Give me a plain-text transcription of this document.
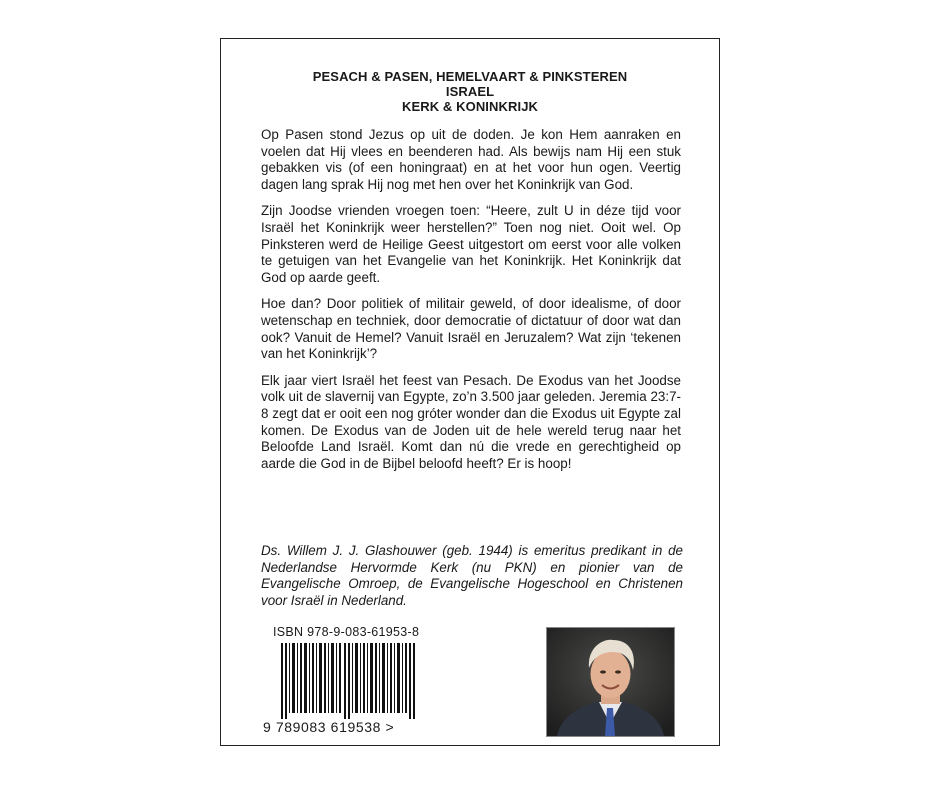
PESACH & PASEN, HEMELVAART & PINKSTEREN
ISRAEL
KERK & KONINKRIJK

Op Pasen stond Jezus op uit de doden. Je kon Hem aanraken en voelen dat Hij vlees en beenderen had. Als bewijs nam Hij een stuk gebakken vis (of een honingraat) en at het voor hun ogen. Veertig dagen lang sprak Hij nog met hen over het Koninkrijk van God.

Zijn Joodse vrienden vroegen toen: “Heere, zult U in déze tijd voor Israël het Koninkrijk weer herstellen?” Toen nog niet. Ooit wel. Op Pinksteren werd de Heilige Geest uitgestort om eerst voor alle volken te getuigen van het Evangelie van het Koninkrijk. Het Koninkrijk dat God op aarde geeft.

Hoe dan? Door politiek of militair geweld, of door idealisme, of door wetenschap en techniek, door democratie of dictatuur of door wat dan ook? Vanuit de Hemel? Vanuit Israël en Jeruzalem? Wat zijn ‘tekenen van het Koninkrijk’?

Elk jaar viert Israël het feest van Pesach. De Exodus van het Joodse volk uit de slavernij van Egypte, zo’n 3.500 jaar geleden. Jeremia 23:7-8 zegt dat er ooit een nog gróter wonder dan die Exodus uit Egypte zal komen. De Exodus van de Joden uit de hele wereld terug naar het Beloofde Land Israël. Komt dan nú die vrede en gerechtigheid op aarde die God in de Bijbel beloofd heeft? Er is hoop!

Ds. Willem J. J. Glashouwer (geb. 1944) is emeritus predikant in de Nederlandse Hervormde Kerk (nu PKN) en pionier van de Evangelische Omroep, de Evangelische Hogeschool en Christenen voor Israël in Nederland.
ISBN 978-9-083-61953-8
9 789083 619538 >
